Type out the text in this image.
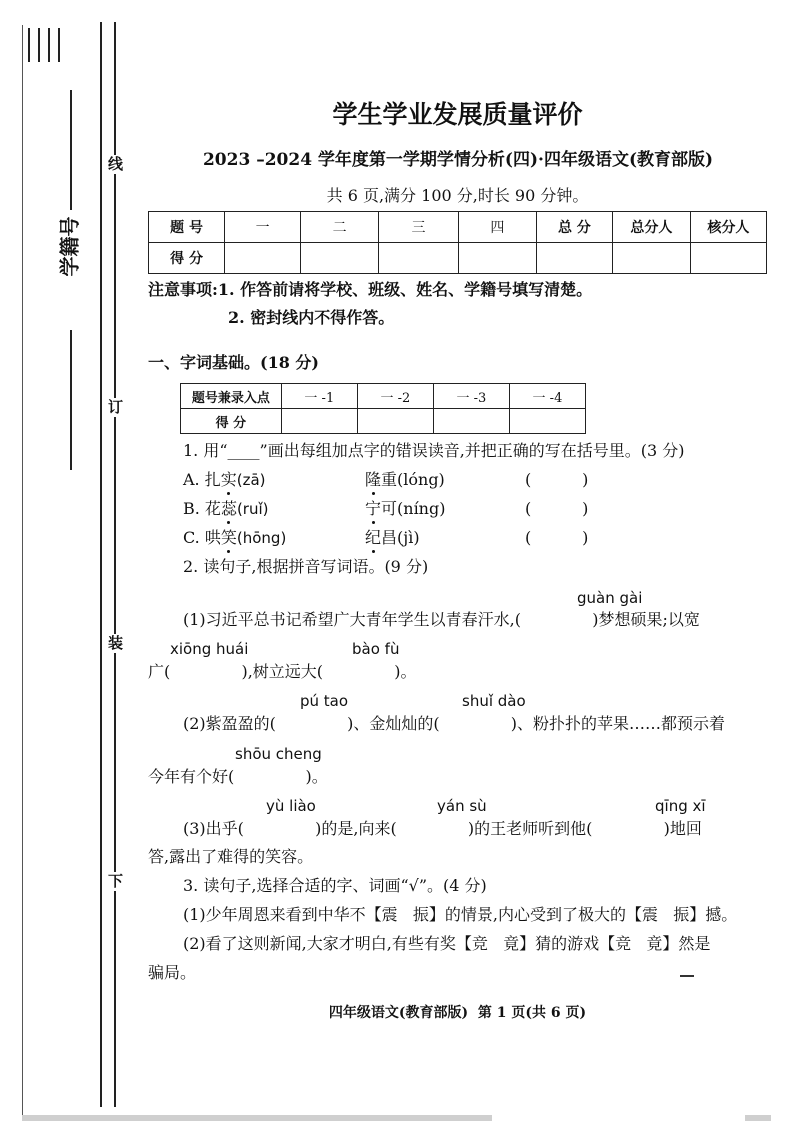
学籍号
线
订
装
下
学生学业发展质量评价
2023 –2024 学年度第一学期学情分析(四)·四年级语文(教育部版)
共 6 页,满分 100 分,时长 90 分钟。
题 号	一	二	三	四	总 分	总分人	核分人
得 分							
注意事项:1. 作答前请将学校、班级、姓名、学籍号填写清楚。
2. 密封线内不得作答。
一、字词基础。(18 分)
题号兼录入点	一 -1	一 -2	一 -3	一 -4
得 分				
1. 用“____”画出每组加点字的错误读音,并把正确的写在括号里。(3 分)
A. 扎实(zā)	隆重(lóng)	(          )
B. 花蕊(ruǐ)	宁可(níng)	(          )
C. 哄笑(hōng)	纪昌(jì)	(          )
2. 读句子,根据拼音写词语。(9 分)
guàn gài
(1)习近平总书记希望广大青年学生以青春汗水,(              )梦想硕果;以宽
xiōng huái	bào fù
广(              ),树立远大(              )。
pú tao	shuǐ dào
(2)紫盈盈的(              )、金灿灿的(              )、粉扑扑的苹果……都预示着
shōu cheng
今年有个好(              )。
yù liào	yán sù	qīng xī
(3)出乎(              )的是,向来(              )的王老师听到他(              )地回
答,露出了难得的笑容。
3. 读句子,选择合适的字、词画“√”。(4 分)
(1)少年周恩来看到中华不【震   振】的情景,内心受到了极大的【震   振】撼。
(2)看了这则新闻,大家才明白,有些有奖【竞   竟】猜的游戏【竞   竟】然是
骗局。
四年级语文(教育部版)  第 1 页(共 6 页)
